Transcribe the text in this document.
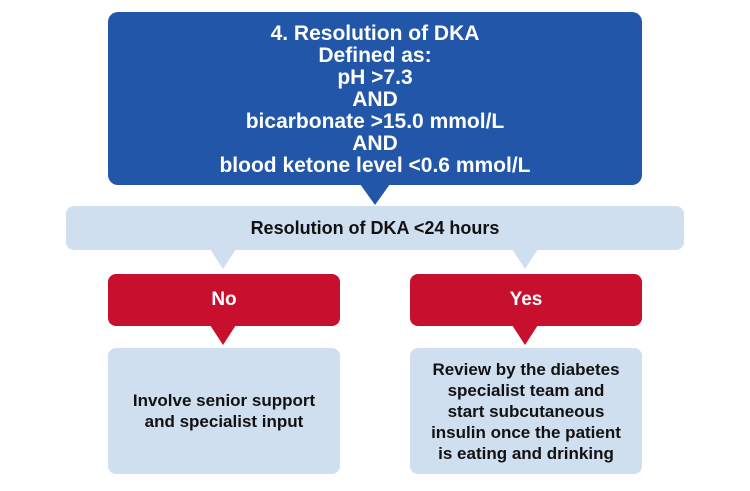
4. Resolution of DKA
Defined as:
pH >7.3
AND
bicarbonate >15.0 mmol/L
AND
blood ketone level <0.6 mmol/L
Resolution of DKA <24 hours
No	Yes
Involve senior support
and specialist input
Review by the diabetes
specialist team and
start subcutaneous
insulin once the patient
is eating and drinking
